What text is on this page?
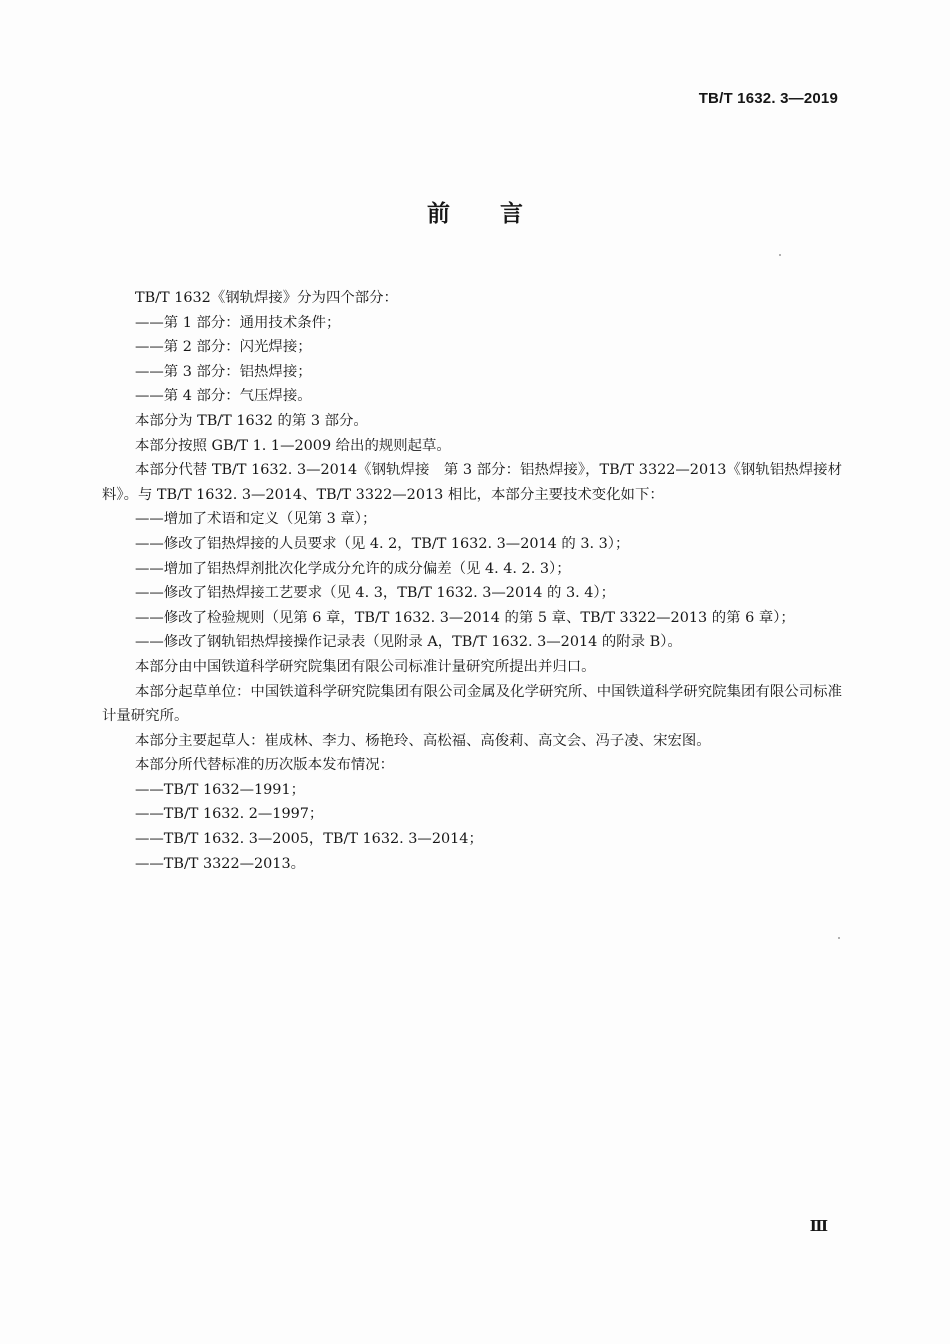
TB/T 1632. 3—2019
前 言

TB/T 1632《钢轨焊接》分为四个部分：

——第 1 部分：通用技术条件；

——第 2 部分：闪光焊接；

——第 3 部分：铝热焊接；

——第 4 部分：气压焊接。

本部分为 TB/T 1632 的第 3 部分。

本部分按照 GB/T 1. 1—2009 给出的规则起草。

本部分代替 TB/T 1632. 3—2014《钢轨焊接　第 3 部分：铝热焊接》，TB/T 3322—2013《钢轨铝热焊接材料》。与 TB/T 1632. 3—2014、TB/T 3322—2013 相比，本部分主要技术变化如下：

——增加了术语和定义（见第 3 章）；

——修改了铝热焊接的人员要求（见 4. 2，TB/T 1632. 3—2014 的 3. 3）；

——增加了铝热焊剂批次化学成分允许的成分偏差（见 4. 4. 2. 3）；

——修改了铝热焊接工艺要求（见 4. 3，TB/T 1632. 3—2014 的 3. 4）；

——修改了检验规则（见第 6 章，TB/T 1632. 3—2014 的第 5 章、TB/T 3322—2013 的第 6 章）；

——修改了钢轨铝热焊接操作记录表（见附录 A，TB/T 1632. 3—2014 的附录 B）。

本部分由中国铁道科学研究院集团有限公司标准计量研究所提出并归口。

本部分起草单位：中国铁道科学研究院集团有限公司金属及化学研究所、中国铁道科学研究院集团有限公司标准计量研究所。

本部分主要起草人：崔成林、李力、杨艳玲、高松福、高俊莉、高文会、冯子凌、宋宏图。

本部分所代替标准的历次版本发布情况：

——TB/T 1632—1991；

——TB/T 1632. 2—1997；

——TB/T 1632. 3—2005，TB/T 1632. 3—2014；

——TB/T 3322—2013。

Ⅲ
